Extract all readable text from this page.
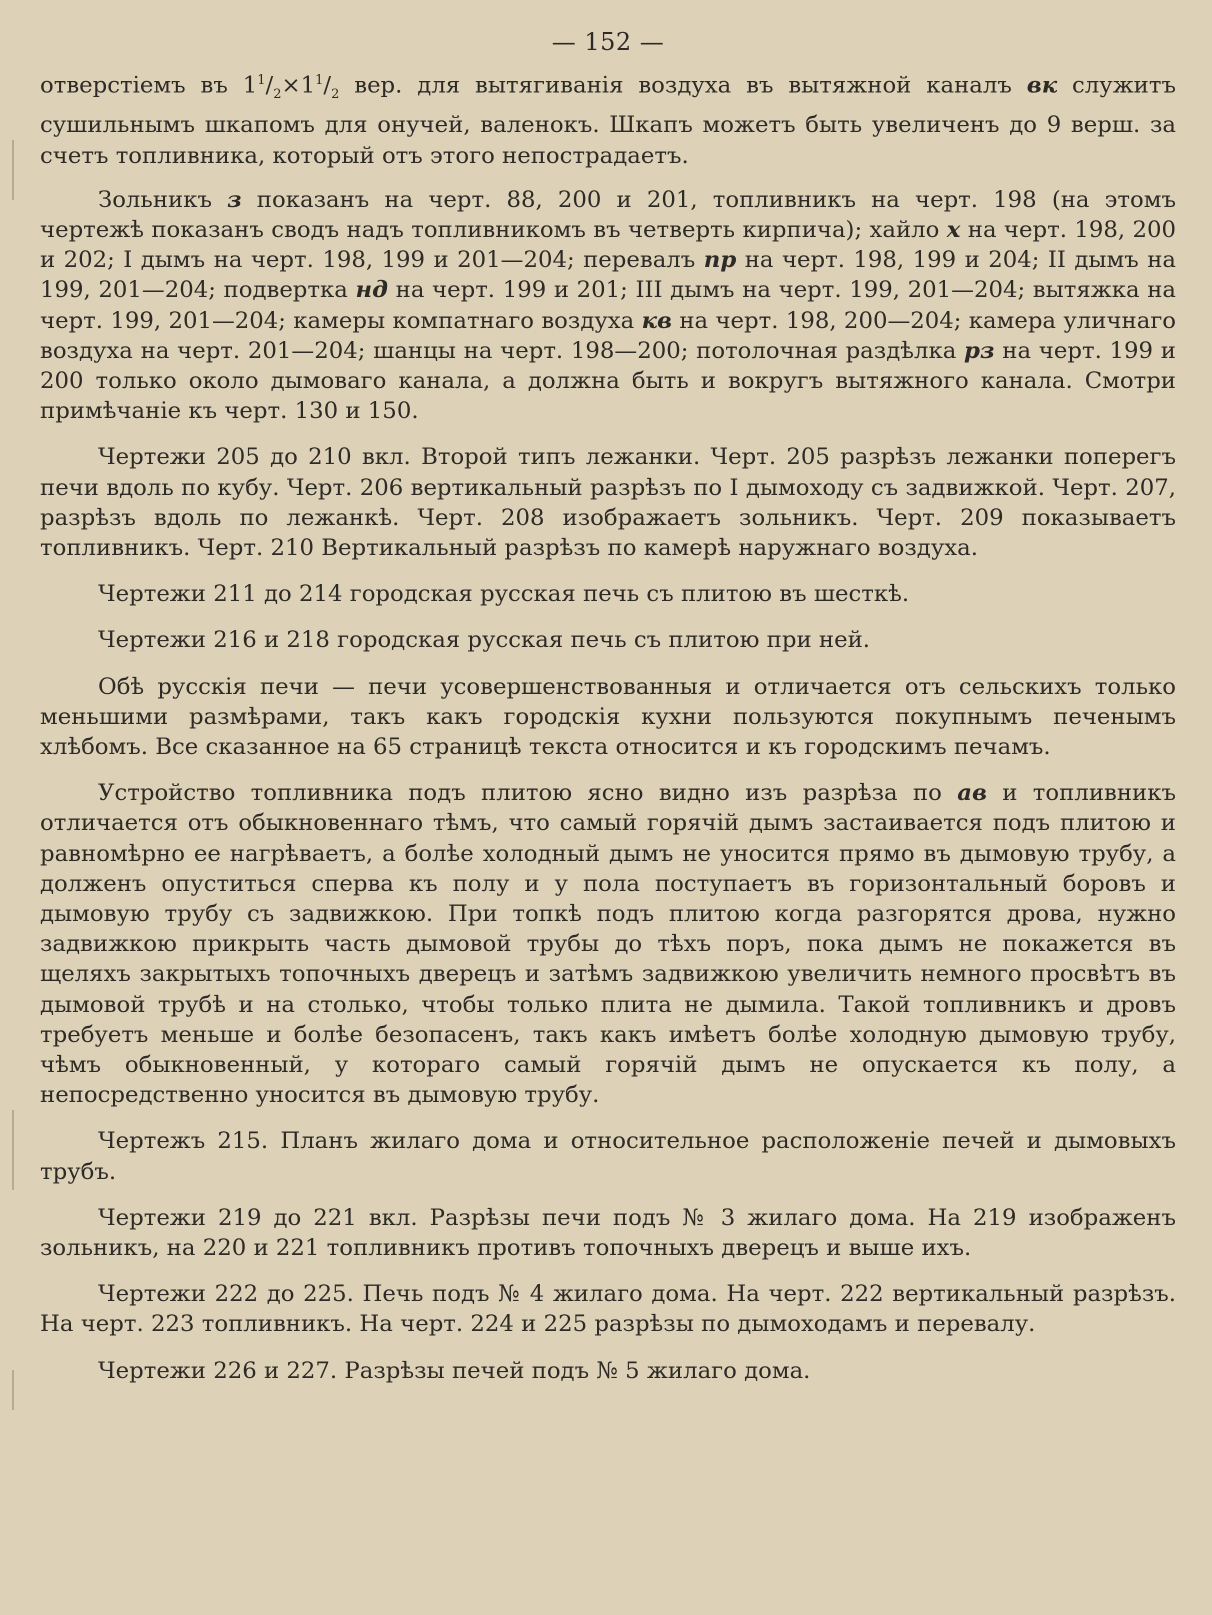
— 152 —

отверстіемъ въ $1^1/_2\times 1^1/_2$ вер. для вытягиванія воздуха въ вытяжной каналъ вк служитъ сушильнымъ шкапомъ для онучей, валенокъ. Шкапъ можетъ быть увеличенъ до 9 верш. за счетъ топливника, который отъ этого непострадаетъ.

Зольникъ з показанъ на черт. 88, 200 и 201, топливникъ на черт. 198 (на этомъ чертежѣ показанъ сводъ надъ топливникомъ въ четверть кирпича); хайло х на черт. 198, 200 и 202; I дымъ на черт. 198, 199 и 201—204; перевалъ пр на черт. 198, 199 и 204; II дымъ на 199, 201—204; подвертка нд на черт. 199 и 201; III дымъ на черт. 199, 201—204; вытяжка на черт. 199, 201—204; камеры компатнаго воздуха кв на черт. 198, 200—204; камера уличнаго воздуха на черт. 201—204; шанцы на черт. 198—200; потолочная раздѣлка рз на черт. 199 и 200 только около дымоваго канала, а должна быть и вокругъ вытяжного канала. Смотри примѣчаніе къ черт. 130 и 150.

Чертежи 205 до 210 вкл. Второй типъ лежанки. Черт. 205 разрѣзъ лежанки поперегъ печи вдоль по кубу. Черт. 206 вертикальный разрѣзъ по I дымоходу съ задвижкой. Черт. 207, разрѣзъ вдоль по лежанкѣ. Черт. 208 изображаетъ зольникъ. Черт. 209 показываетъ топливникъ. Черт. 210 Вертикальный разрѣзъ по камерѣ наружнаго воздуха.

Чертежи 211 до 214 городская русская печь съ плитою въ шесткѣ.

Чертежи 216 и 218 городская русская печь съ плитою при ней.

Обѣ русскія печи — печи усовершенствованныя и отличается отъ сельскихъ только меньшими размѣрами, такъ какъ городскія кухни пользуются покупнымъ печенымъ хлѣбомъ. Все сказанное на 65 страницѣ текста относится и къ городскимъ печамъ.

Устройство топливника подъ плитою ясно видно изъ разрѣза по ав и топливникъ отличается отъ обыкновеннаго тѣмъ, что самый горячій дымъ застаивается подъ плитою и равномѣрно ее нагрѣваетъ, а болѣе холодный дымъ не уносится прямо въ дымовую трубу, а долженъ опуститься сперва къ полу и у пола поступаетъ въ горизонтальный боровъ и дымовую трубу съ задвижкою. При топкѣ подъ плитою когда разгорятся дрова, нужно задвижкою прикрыть часть дымовой трубы до тѣхъ поръ, пока дымъ не покажется въ щеляхъ закрытыхъ топочныхъ дверецъ и затѣмъ задвижкою увеличить немного просвѣтъ въ дымовой трубѣ и на столько, чтобы только плита не дымила. Такой топливникъ и дровъ требуетъ меньше и болѣе безопасенъ, такъ какъ имѣетъ болѣе холодную дымовую трубу, чѣмъ обыкновенный, у котораго самый горячій дымъ не опускается къ полу, а непосредственно уносится въ дымовую трубу.

Чертежъ 215. Планъ жилаго дома и относительное расположеніе печей и дымовыхъ трубъ.

Чертежи 219 до 221 вкл. Разрѣзы печи подъ № 3 жилаго дома. На 219 изображенъ зольникъ, на 220 и 221 топливникъ противъ топочныхъ дверецъ и выше ихъ.

Чертежи 222 до 225. Печь подъ № 4 жилаго дома. На черт. 222 вертикальный разрѣзъ. На черт. 223 топливникъ. На черт. 224 и 225 разрѣзы по дымоходамъ и перевалу.

Чертежи 226 и 227. Разрѣзы печей подъ № 5 жилаго дома.
